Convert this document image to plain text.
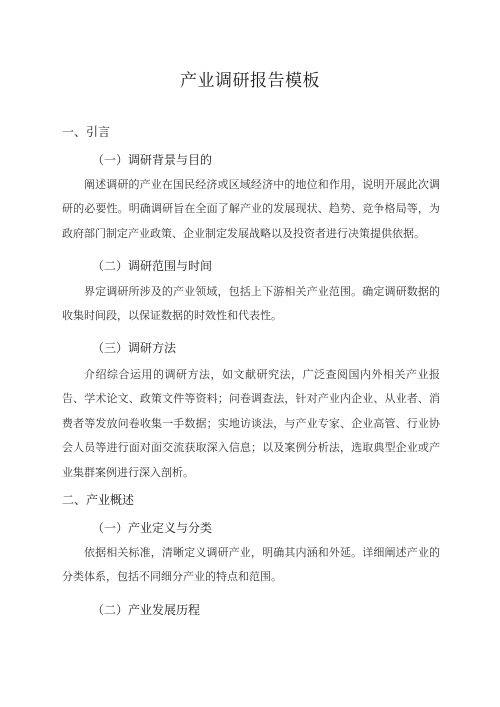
产业调研报告模板
一、引言
（一）调研背景与目的
阐述调研的产业在国民经济或区域经济中的地位和作用，说明开展此次调研的必要性。明确调研旨在全面了解产业的发展现状、趋势、竞争格局等，为政府部门制定产业政策、企业制定发展战略以及投资者进行决策提供依据。
（二）调研范围与时间
界定调研所涉及的产业领域，包括上下游相关产业范围。确定调研数据的收集时间段，以保证数据的时效性和代表性。
（三）调研方法
介绍综合运用的调研方法，如文献研究法，广泛查阅国内外相关产业报告、学术论文、政策文件等资料；问卷调查法，针对产业内企业、从业者、消费者等发放问卷收集一手数据；实地访谈法，与产业专家、企业高管、行业协会人员等进行面对面交流获取深入信息；以及案例分析法，选取典型企业或产业集群案例进行深入剖析。
二、产业概述
（一）产业定义与分类
依据相关标准，清晰定义调研产业，明确其内涵和外延。详细阐述产业的分类体系，包括不同细分产业的特点和范围。
（二）产业发展历程
